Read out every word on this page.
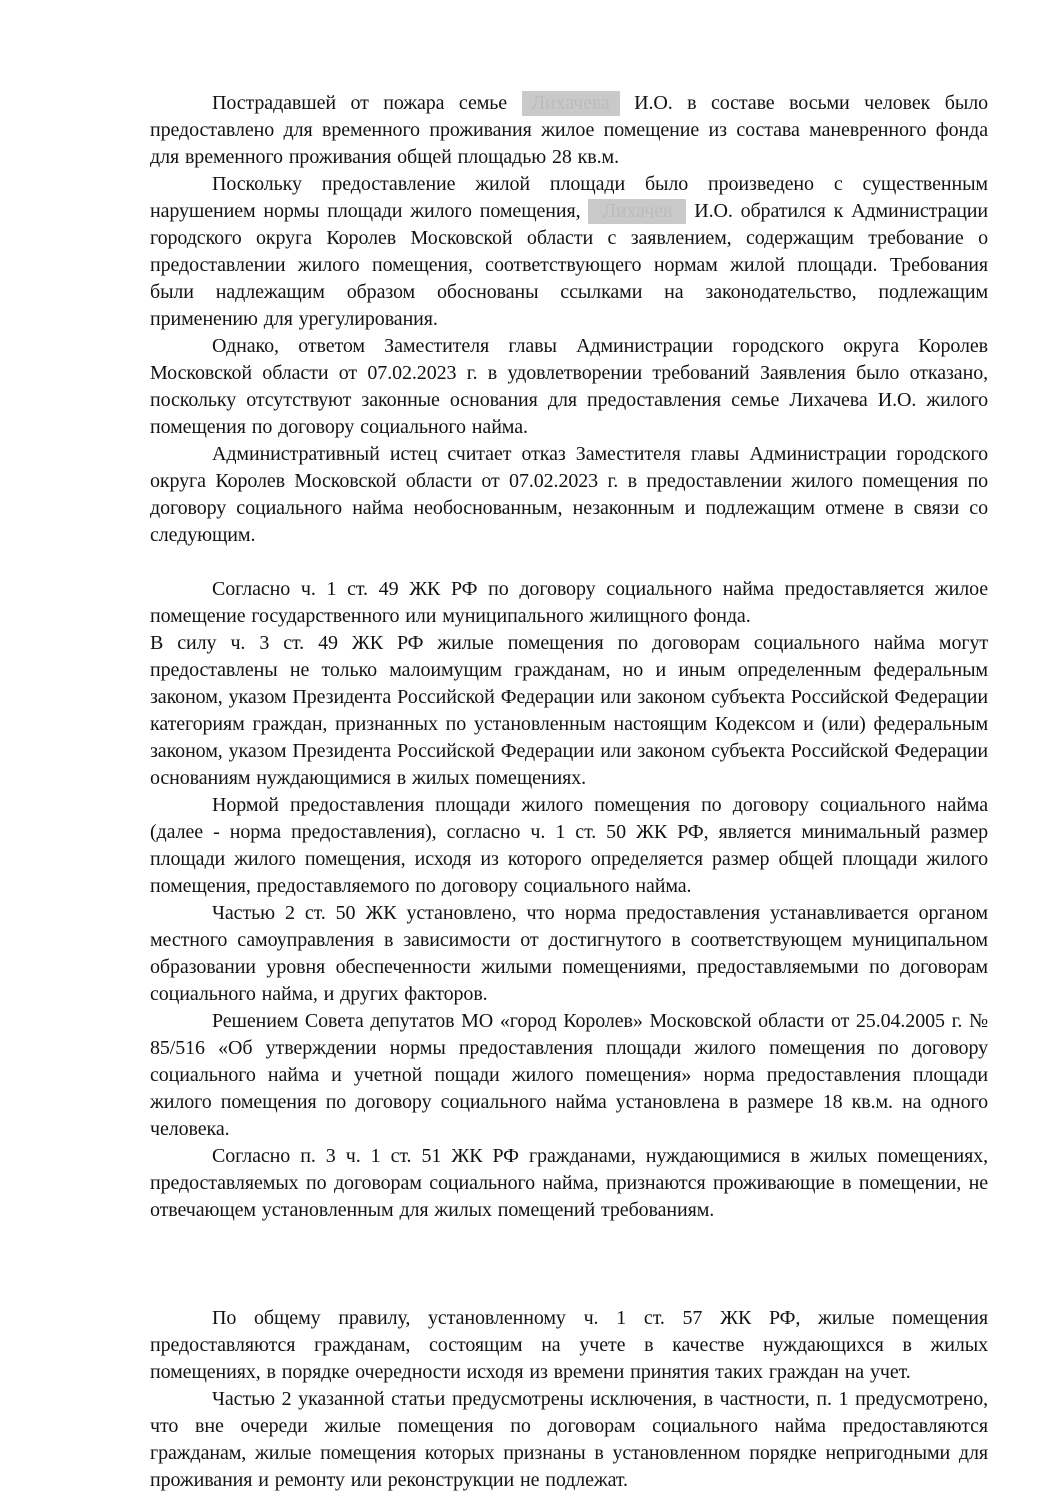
Пострадавшей от пожара семье Лихачева И.О. в составе восьми человек было предоставлено для временного проживания жилое помещение из состава маневренного фонда для временного проживания общей площадью 28 кв.м.

Поскольку предоставление жилой площади было произведено с существенным нарушением нормы площади жилого помещения, Лихачев И.О. обратился к Администрации городского округа Королев Московской области с заявлением, содержащим требование о предоставлении жилого помещения, соответствующего нормам жилой площади. Требования были надлежащим образом обоснованы ссылками на законодательство, подлежащим применению для урегулирования.

Однако, ответом Заместителя главы Администрации городского округа Королев Московской области от 07.02.2023 г. в удовлетворении требований Заявления было отказано, поскольку отсутствуют законные основания для предоставления семье Лихачева И.О. жилого помещения по договору социального найма.

Административный истец считает отказ Заместителя главы Администрации городского округа Королев Московской области от 07.02.2023 г. в предоставлении жилого помещения по договору социального найма необоснованным, незаконным и подлежащим отмене в связи со следующим.

Согласно ч. 1 ст. 49 ЖК РФ по договору социального найма предоставляется жилое помещение государственного или муниципального жилищного фонда.

В силу ч. 3 ст. 49 ЖК РФ жилые помещения по договорам социального найма могут предоставлены не только малоимущим гражданам, но и иным определенным федеральным законом, указом Президента Российской Федерации или законом субъекта Российской Федерации категориям граждан, признанных по установленным настоящим Кодексом и (или) федеральным законом, указом Президента Российской Федерации или законом субъекта Российской Федерации основаниям нуждающимися в жилых помещениях.

Нормой предоставления площади жилого помещения по договору социального найма (далее - норма предоставления), согласно ч. 1 ст. 50 ЖК РФ, является минимальный размер площади жилого помещения, исходя из которого определяется размер общей площади жилого помещения, предоставляемого по договору социального найма.

Частью 2 ст. 50 ЖК установлено, что норма предоставления устанавливается органом местного самоуправления в зависимости от достигнутого в соответствующем муниципальном образовании уровня обеспеченности жилыми помещениями, предоставляемыми по договорам социального найма, и других факторов.

Решением Совета депутатов МО «город Королев» Московской области от 25.04.2005 г. № 85/516 «Об утверждении нормы предоставления площади жилого помещения по договору социального найма и учетной пощади жилого помещения» норма предоставления площади жилого помещения по договору социального найма установлена в размере 18 кв.м. на одного человека.

Согласно п. 3 ч. 1 ст. 51 ЖК РФ гражданами, нуждающимися в жилых помещениях, предоставляемых по договорам социального найма, признаются проживающие в помещении, не отвечающем установленным для жилых помещений требованиям.

По общему правилу, установленному ч. 1 ст. 57 ЖК РФ, жилые помещения предоставляются гражданам, состоящим на учете в качестве нуждающихся в жилых помещениях, в порядке очередности исходя из времени принятия таких граждан на учет.

Частью 2 указанной статьи предусмотрены исключения, в частности, п. 1 предусмотрено, что вне очереди жилые помещения по договорам социального найма предоставляются гражданам, жилые помещения которых признаны в установленном порядке непригодными для проживания и ремонту или реконструкции не подлежат.
